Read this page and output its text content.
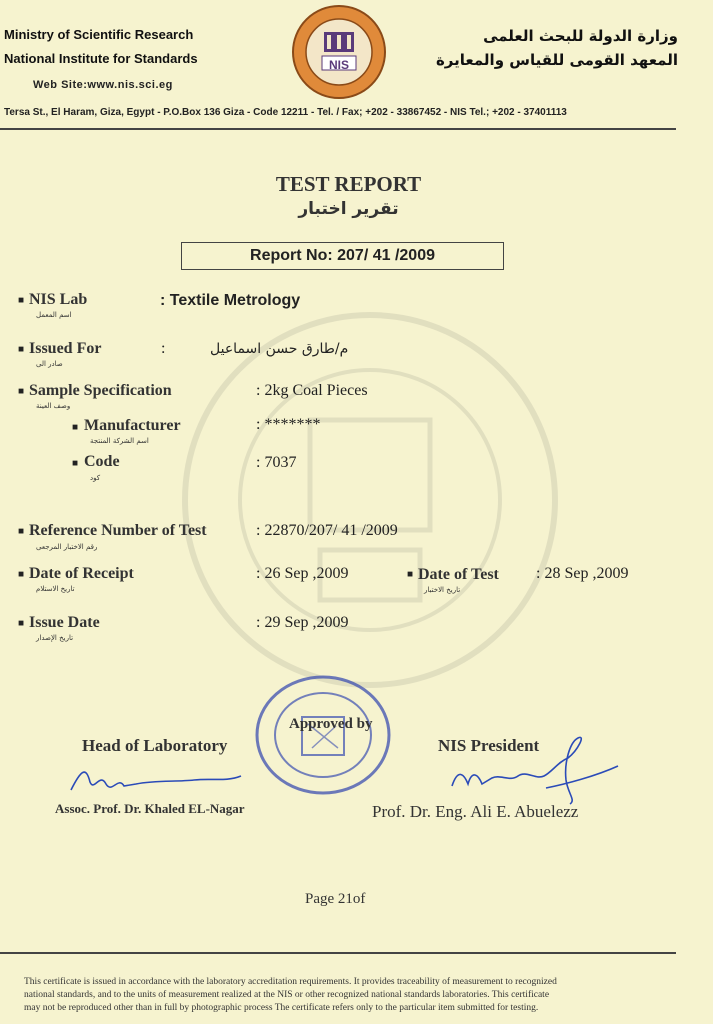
Ministry of Scientific Research
National Institute for Standards
Web Site:www.nis.sci.eg
NIS
وزارة الدولة للبحث العلمى
المعهد القومى للقياس والمعايرة
Tersa St., El Haram, Giza, Egypt - P.O.Box 136 Giza - Code 12211 - Tel. / Fax; +202 - 33867452 - NIS Tel.; +202 - 37401113
TEST REPORT
تقرير اختبار
Report No: 207/ 41 /2009
■ NIS Lab
اسم المعمل
: Textile Metrology
■ Issued For
صادر الى
:	م/طارق حسن اسماعيل
■ Sample Specification
وصف العينة
: 2kg Coal Pieces
■ Manufacturer
اسم الشركة المنتجة
: *******
■ Code
كود
: 7037
■ Reference Number of Test
رقم الاختبار المرجعى
: 22870/207/ 41 /2009
■ Date of Receipt
تاريخ الاستلام
: 26 Sep ,2009	■ Date of Test
تاريخ الاختبار
: 28 Sep ,2009
■ Issue Date
تاريخ الإصدار
: 29 Sep ,2009
Approved by
Head of Laboratory
Assoc. Prof. Dr. Khaled EL-Nagar
NIS President
Prof. Dr. Eng. Ali E. Abuelezz
Page 21of
This certificate is issued in accordance with the laboratory accreditation requirements. It provides traceability of measurement to recognized
national standards, and to the units of measurement realized at the NIS or other recognized national standards laboratories. This certificate
may not be reproduced other than in full by photographic process The certificate refers only to the particular item submitted for testing.
